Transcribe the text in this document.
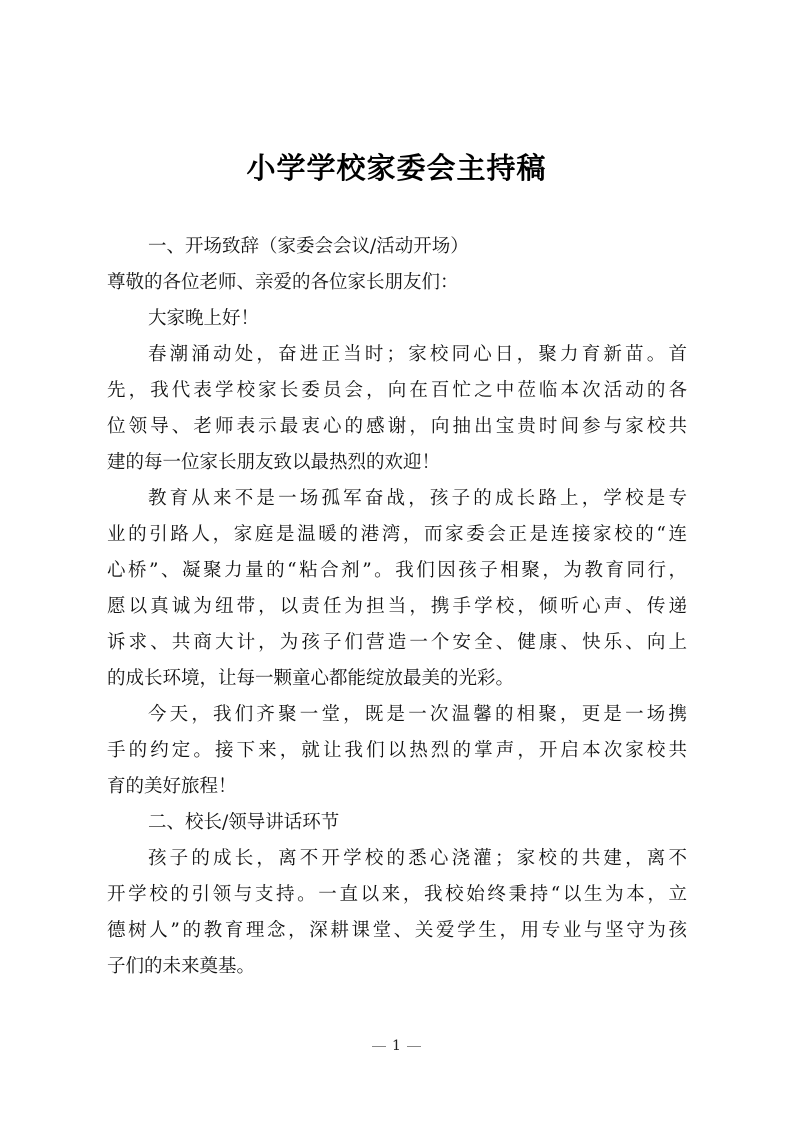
小学学校家委会主持稿
一、开场致辞（家委会会议/活动开场）
尊敬的各位老师、亲爱的各位家长朋友们：
大家晚上好！
春潮涌动处，奋进正当时；家校同心日，聚力育新苗。首
先，我代表学校家长委员会，向在百忙之中莅临本次活动的各
位领导、老师表示最衷心的感谢，向抽出宝贵时间参与家校共
建的每一位家长朋友致以最热烈的欢迎！
教育从来不是一场孤军奋战，孩子的成长路上，学校是专
业的引路人，家庭是温暖的港湾，而家委会正是连接家校的“连
心桥”、凝聚力量的“粘合剂”。我们因孩子相聚，为教育同行，
愿以真诚为纽带，以责任为担当，携手学校，倾听心声、传递
诉求、共商大计，为孩子们营造一个安全、健康、快乐、向上
的成长环境，让每一颗童心都能绽放最美的光彩。
今天，我们齐聚一堂，既是一次温馨的相聚，更是一场携
手的约定。接下来，就让我们以热烈的掌声，开启本次家校共
育的美好旅程！
二、校长/领导讲话环节
孩子的成长，离不开学校的悉心浇灌；家校的共建，离不
开学校的引领与支持。一直以来，我校始终秉持“以生为本，立
德树人”的教育理念，深耕课堂、关爱学生，用专业与坚守为孩
子们的未来奠基。
1
